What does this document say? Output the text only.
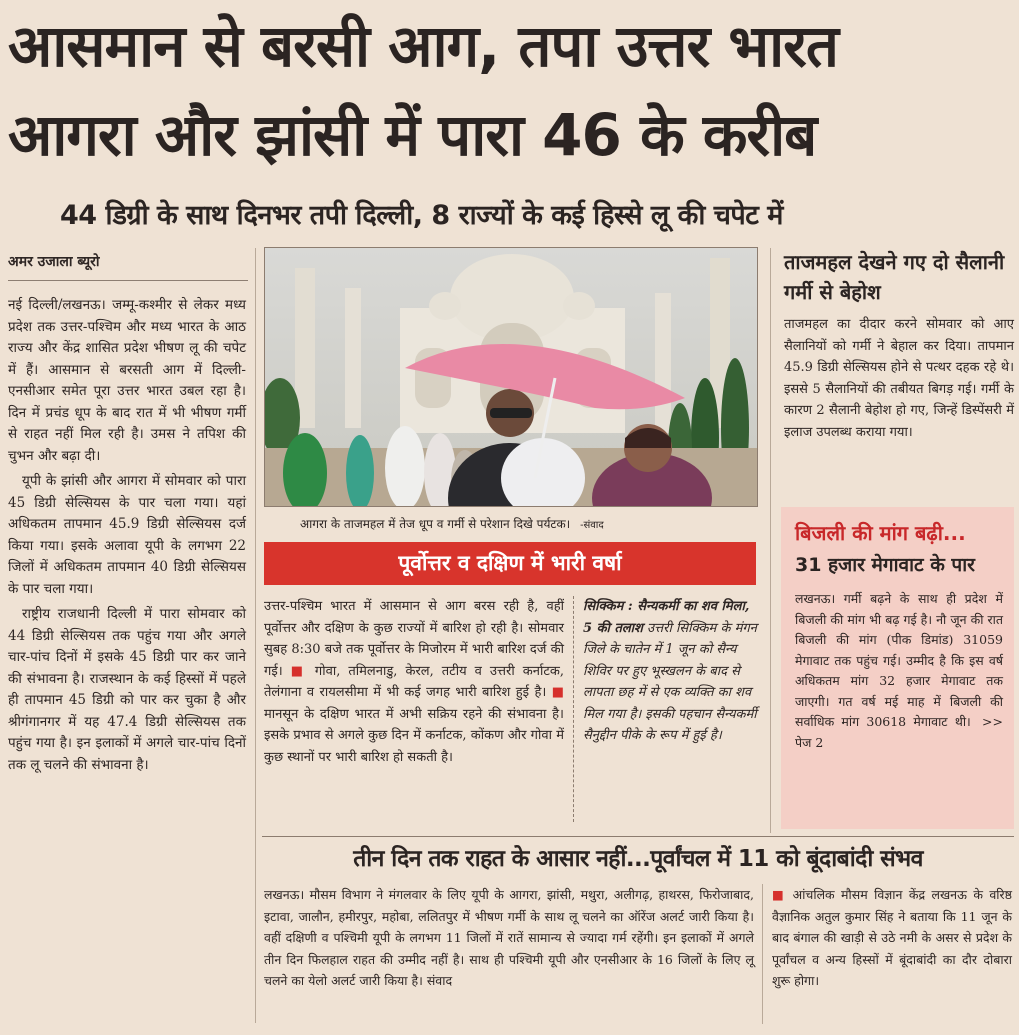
आसमान से बरसी आग, तपा उत्तर भारत
आगरा और झांसी में पारा 46 के करीब
44 डिग्री के साथ दिनभर तपी दिल्ली, 8 राज्यों के कई हिस्से लू की चपेट में
अमर उजाला ब्यूरो

नई दिल्ली/लखनऊ। जम्मू-कश्मीर से लेकर मध्य प्रदेश तक उत्तर-पश्चिम और मध्य भारत के आठ राज्य और केंद्र शासित प्रदेश भीषण लू की चपेट में हैं। आसमान से बरसती आग में दिल्ली-एनसीआर समेत पूरा उत्तर भारत उबल रहा है। दिन में प्रचंड धूप के बाद रात में भी भीषण गर्मी से राहत नहीं मिल रही है। उमस ने तपिश की चुभन और बढ़ा दी।

यूपी के झांसी और आगरा में सोमवार को पारा 45 डिग्री सेल्सियस के पार चला गया। यहां अधिकतम तापमान 45.9 डिग्री सेल्सियस दर्ज किया गया। इसके अलावा यूपी के लगभग 22 जिलों में अधिकतम तापमान 40 डिग्री सेल्सियस के पार चला गया।

राष्ट्रीय राजधानी दिल्ली में पारा सोमवार को 44 डिग्री सेल्सियस तक पहुंच गया और अगले चार-पांच दिनों में इसके 45 डिग्री पार कर जाने की संभावना है। राजस्थान के कई हिस्सों में पहले ही तापमान 45 डिग्री को पार कर चुका है और श्रीगंगानगर में यह 47.4 डिग्री सेल्सियस तक पहुंच गया है। इन इलाकों में अगले चार-पांच दिनों तक लू चलने की संभावना है।

आगरा के ताजमहल में तेज धूप व गर्मी से परेशान दिखे पर्यटक। -संवाद
ताजमहल देखने गए दो सैलानी गर्मी से बेहोश
ताजमहल का दीदार करने सोमवार को आए सैलानियों को गर्मी ने बेहाल कर दिया। तापमान 45.9 डिग्री सेल्सियस होने से पत्थर दहक रहे थे। इससे 5 सैलानियों की तबीयत बिगड़ गई। गर्मी के कारण 2 सैलानी बेहोश हो गए, जिन्हें डिस्पेंसरी में इलाज उपलब्ध कराया गया।
बिजली की मांग बढ़ी...
31 हजार मेगावाट के पार
लखनऊ। गर्मी बढ़ने के साथ ही प्रदेश में बिजली की मांग भी बढ़ गई है। नौ जून की रात बिजली की मांग (पीक डिमांड) 31059 मेगावाट तक पहुंच गई। उम्मीद है कि इस वर्ष अधिकतम मांग 32 हजार मेगावाट तक जाएगी। गत वर्ष मई माह में बिजली की सर्वाधिक मांग 30618 मेगावाट थी। >> पेज 2
पूर्वोत्तर व दक्षिण में भारी वर्षा
उत्तर-पश्चिम भारत में आसमान से आग बरस रही है, वहीं पूर्वोत्तर और दक्षिण के कुछ राज्यों में बारिश हो रही है। सोमवार सुबह 8:30 बजे तक पूर्वोत्तर के मिजोरम में भारी बारिश दर्ज की गई। ■ गोवा, तमिलनाडु, केरल, तटीय व उत्तरी कर्नाटक, तेलंगाना व रायलसीमा में भी कई जगह भारी बारिश हुई है। ■ मानसून के दक्षिण भारत में अभी सक्रिय रहने की संभावना है। इसके प्रभाव से अगले कुछ दिन में कर्नाटक, कोंकण और गोवा में कुछ स्थानों पर भारी बारिश हो सकती है।
सिक्किम : सैन्यकर्मी का शव मिला, 5 की तलाश उत्तरी सिक्किम के मंगन जिले के चातेन में 1 जून को सैन्य शिविर पर हुए भूस्खलन के बाद से लापता छह में से एक व्यक्ति का शव मिल गया है। इसकी पहचान सैन्यकर्मी सैनुद्दीन पीके के रूप में हुई है।
तीन दिन तक राहत के आसार नहीं...पूर्वांचल में 11 को बूंदाबांदी संभव
लखनऊ। मौसम विभाग ने मंगलवार के लिए यूपी के आगरा, झांसी, मथुरा, अलीगढ़, हाथरस, फिरोजाबाद, इटावा, जालौन, हमीरपुर, महोबा, ललितपुर में भीषण गर्मी के साथ लू चलने का ऑरेंज अलर्ट जारी किया है। वहीं दक्षिणी व पश्चिमी यूपी के लगभग 11 जिलों में रातें सामान्य से ज्यादा गर्म रहेंगी। इन इलाकों में अगले तीन दिन फिलहाल राहत की उम्मीद नहीं है। साथ ही पश्चिमी यूपी और एनसीआर के 16 जिलों के लिए लू चलने का येलो अलर्ट जारी किया है। संवाद
■ आंचलिक मौसम विज्ञान केंद्र लखनऊ के वरिष्ठ वैज्ञानिक अतुल कुमार सिंह ने बताया कि 11 जून के बाद बंगाल की खाड़ी से उठे नमी के असर से प्रदेश के पूर्वांचल व अन्य हिस्सों में बूंदाबांदी का दौर दोबारा शुरू होगा।
